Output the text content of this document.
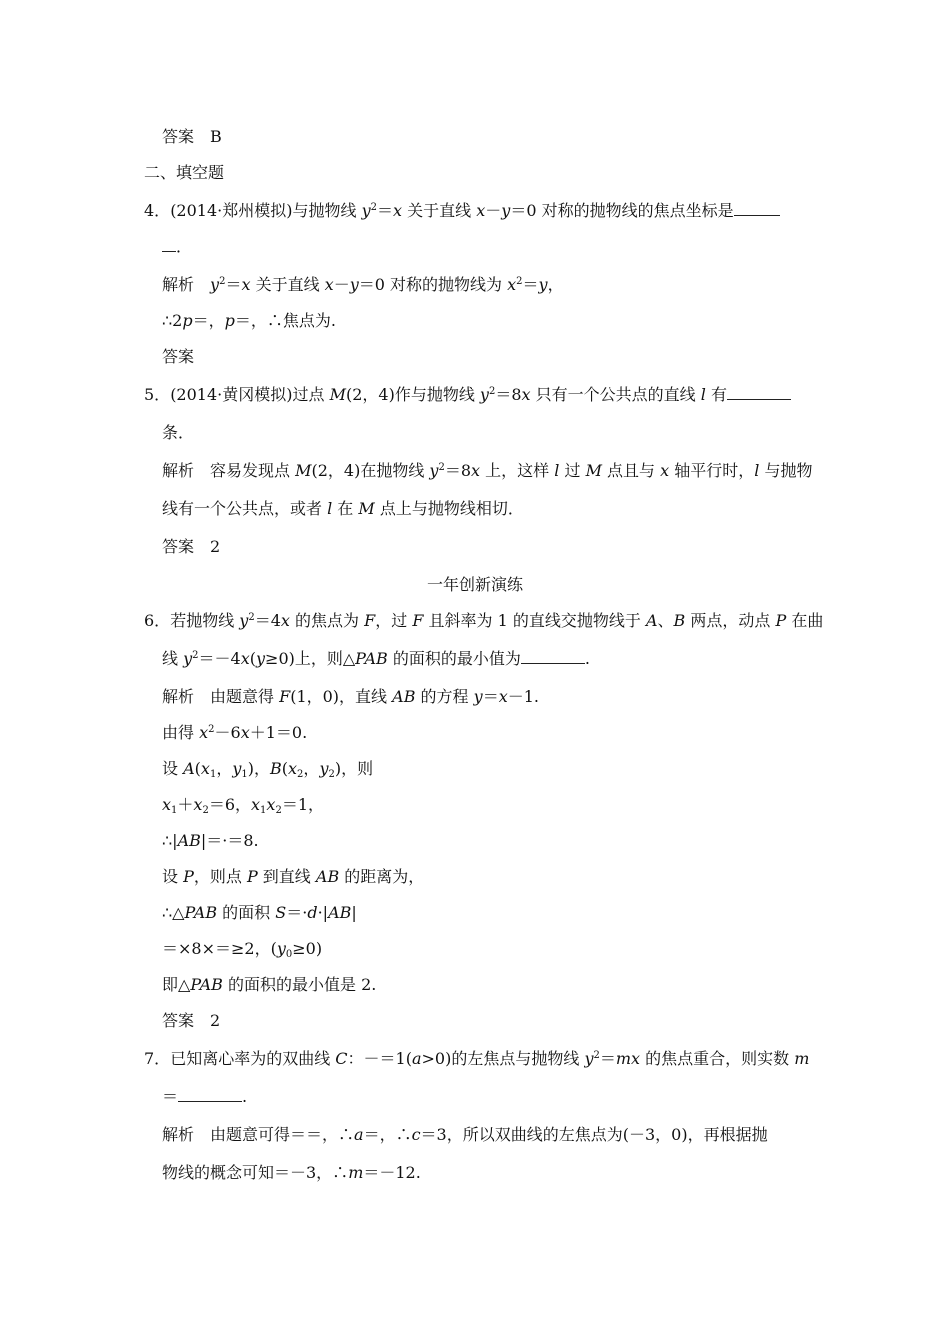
答案　B
二、填空题
4．(2014·郑州模拟)与抛物线 $y^2=x$ 关于直线 x－y＝0 对称的抛物线的焦点坐标是
．
解析　$y^2=x$ 关于直线 x－y＝0 对称的抛物线为 $x^2=y$，
∴2p＝，p＝，∴焦点为.
答案
5．(2014·黄冈模拟)过点 M(2，4)作与抛物线 $y^2=8x$ 只有一个公共点的直线 l 有
条．
解析　容易发现点 M(2，4)在抛物线 $y^2=8x$ 上，这样 l 过 M 点且与 x 轴平行时，l 与抛物
线有一个公共点，或者 l 在 M 点上与抛物线相切．
答案　2
一年创新演练
6．若抛物线 $y^2=4x$ 的焦点为 F，过 F 且斜率为 1 的直线交抛物线于 A、B 两点，动点 P 在曲
线 $y^2=-4x(y\ge 0)$上，则△PAB 的面积的最小值为	.
解析　由题意得 F(1，0)，直线 AB 的方程 y＝x－1.
由得 $x^2-6x+1=0$.
设 $A(x_1$，$y_1$)，$B(x_2$，$y_2$)，则
$x_1+x_2=6$，$x_1x_2=1$，
∴|AB|＝·＝8.
设 P，则点 P 到直线 AB 的距离为，
∴△PAB 的面积 S＝·d·|AB|
＝×8×＝≥2，$(y_0\ge 0)$
即△PAB 的面积的最小值是 2.
答案　2
7．已知离心率为的双曲线 C：－＝1(a>0)的左焦点与抛物线 $y^2=mx$ 的焦点重合，则实数 m
＝	.
解析　由题意可得＝＝，∴a＝，∴c＝3，所以双曲线的左焦点为(－3，0)，再根据抛
物线的概念可知＝－3，∴m＝－12.
